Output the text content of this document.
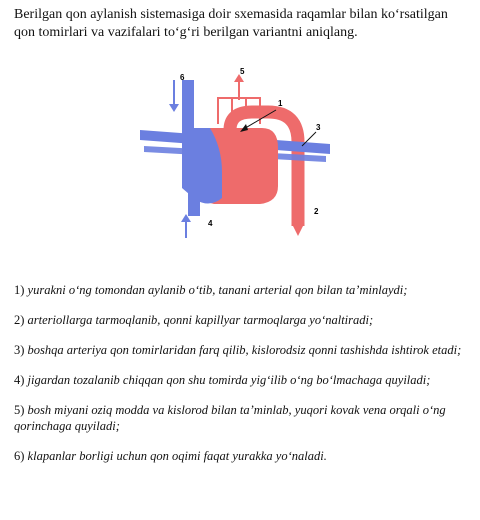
Berilgan qon aylanish sistemasiga doir sxemasida raqamlar bilan ko‘rsatilgan qon tomirlari va vazifalari to‘g‘ri berilgan variantni aniqlang.
6
5
1
3
2
4
1) yurakni o‘ng tomondan aylanib o‘tib, tanani arterial qon bilan ta’minlaydi;
2) arteriollarga tarmoqlanib, qonni kapillyar tarmoqlarga yo‘naltiradi;
3) boshqa arteriya qon tomirlaridan farq qilib, kislorodsiz qonni tashishda ishtirok etadi;
4) jigardan tozalanib chiqqan qon shu tomirda yig‘ilib o‘ng bo‘lmachaga quyiladi;
5) bosh miyani oziq modda va kislorod bilan ta’minlab, yuqori kovak vena orqali o‘ng qorinchaga quyiladi;
6) klapanlar borligi uchun qon oqimi faqat yurakka yo‘naladi.
